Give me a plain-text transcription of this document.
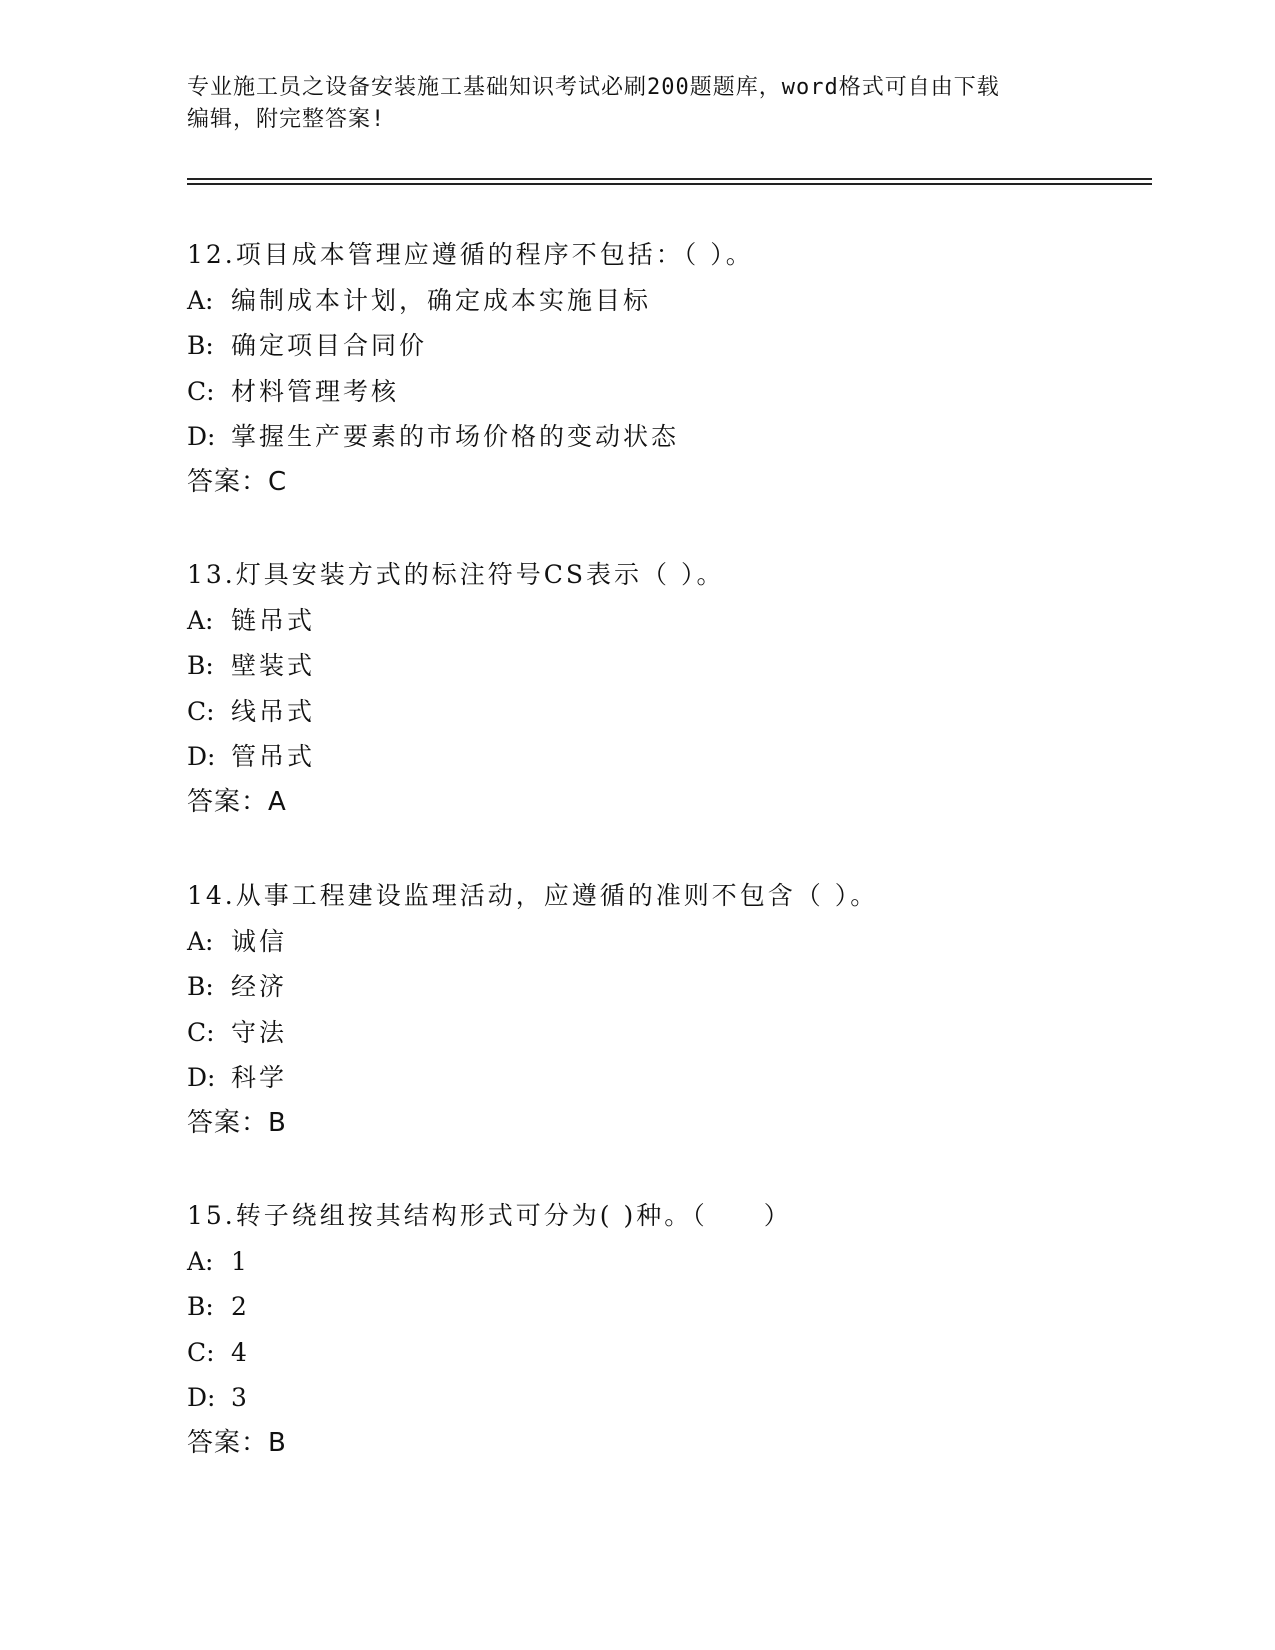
专业施工员之设备安装施工基础知识考试必刷200题题库，word格式可自由下载
编辑，附完整答案!
12.项目成本管理应遵循的程序不包括：（ ）。
A: 编制成本计划，确定成本实施目标
B: 确定项目合同价
C: 材料管理考核
D: 掌握生产要素的市场价格的变动状态
答案：C
13.灯具安装方式的标注符号CS表示（ ）。
A: 链吊式
B: 壁装式
C: 线吊式
D: 管吊式
答案：A
14.从事工程建设监理活动，应遵循的准则不包含（ ）。
A: 诚信
B: 经济
C: 守法
D: 科学
答案：B
15.转子绕组按其结构形式可分为( )种。（　　）
A: 1
B: 2
C: 4
D: 3
答案：B
